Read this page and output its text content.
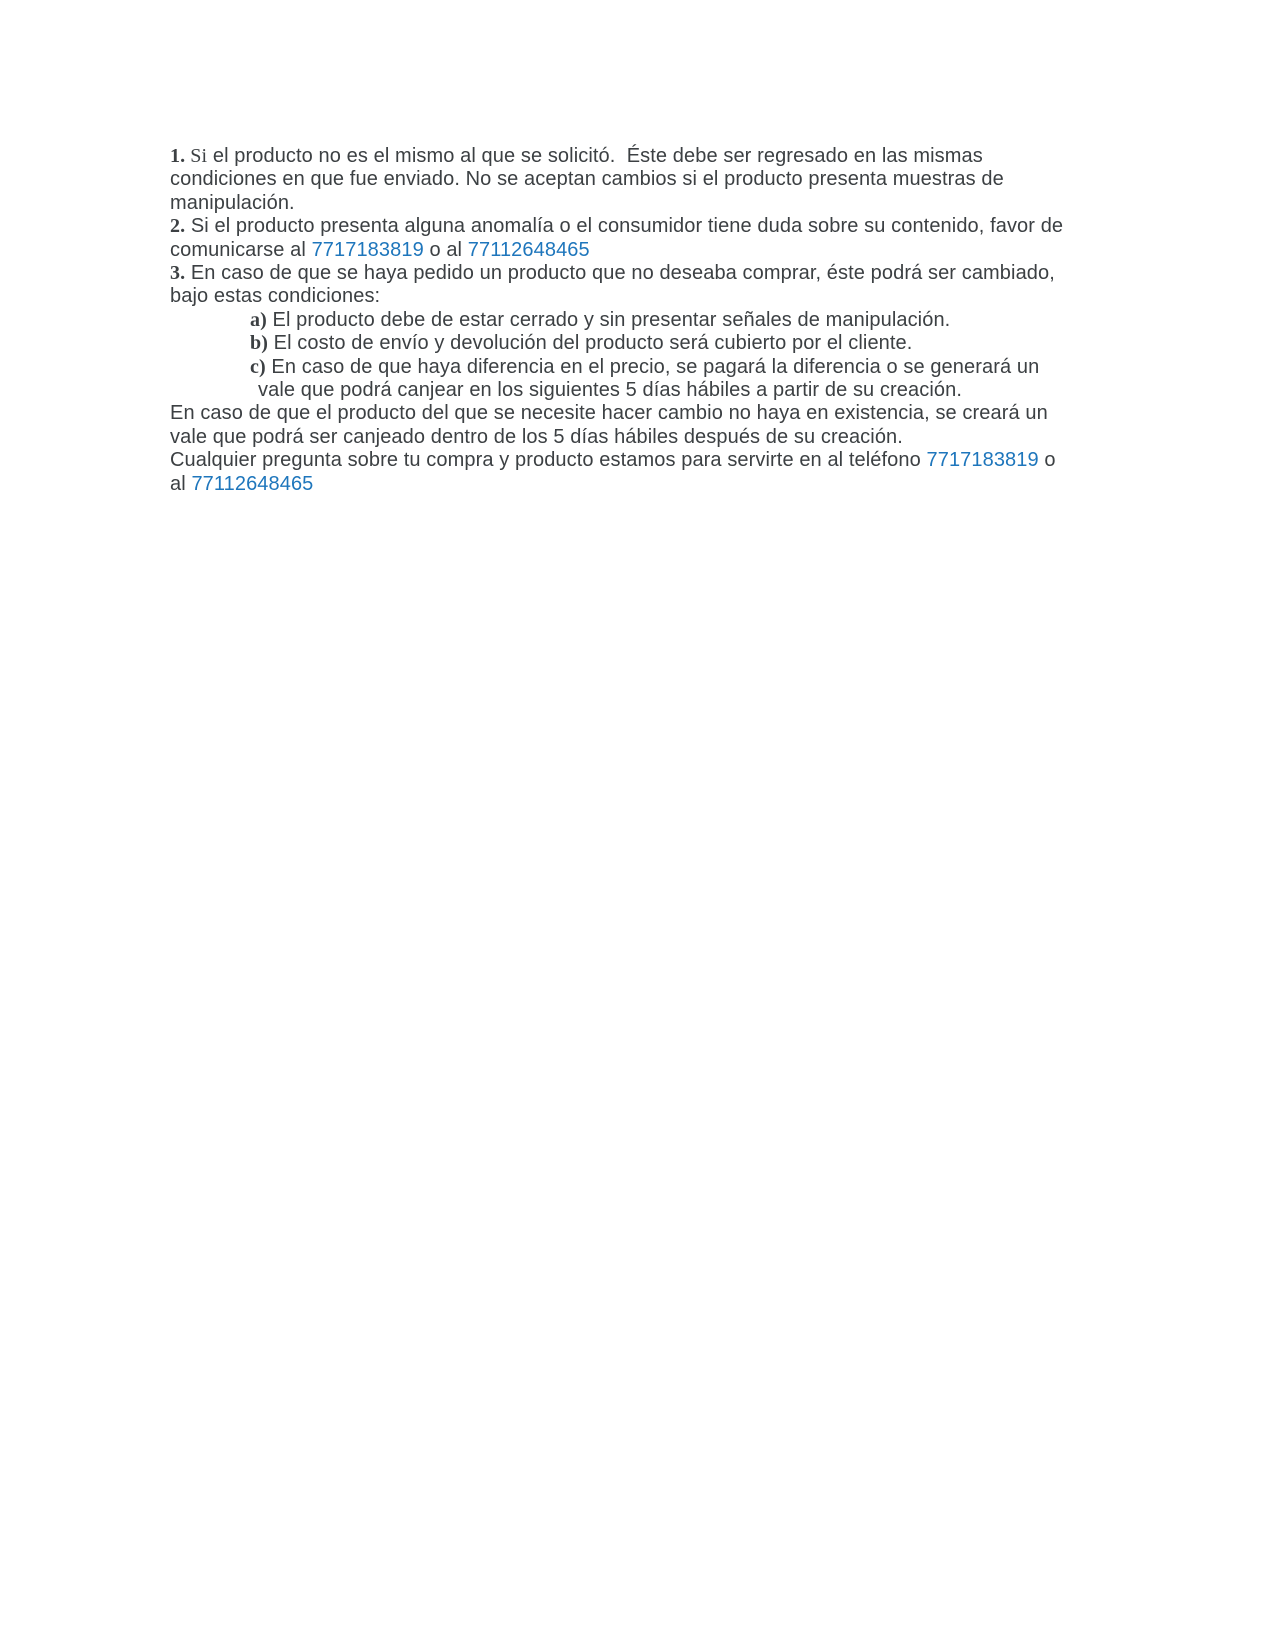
1. Si el producto no es el mismo al que se solicitó.  Éste debe ser regresado en las mismas
condiciones en que fue enviado. No se aceptan cambios si el producto presenta muestras de
manipulación.
2. Si el producto presenta alguna anomalía o el consumidor tiene duda sobre su contenido, favor de
comunicarse al 7717183819 o al 77112648465
3. En caso de que se haya pedido un producto que no deseaba comprar, éste podrá ser cambiado,
bajo estas condiciones:
a) El producto debe de estar cerrado y sin presentar señales de manipulación.
b) El costo de envío y devolución del producto será cubierto por el cliente.
c) En caso de que haya diferencia en el precio, se pagará la diferencia o se generará un
vale que podrá canjear en los siguientes 5 días hábiles a partir de su creación.
En caso de que el producto del que se necesite hacer cambio no haya en existencia, se creará un
vale que podrá ser canjeado dentro de los 5 días hábiles después de su creación.
Cualquier pregunta sobre tu compra y producto estamos para servirte en al teléfono 7717183819 o
al 77112648465
